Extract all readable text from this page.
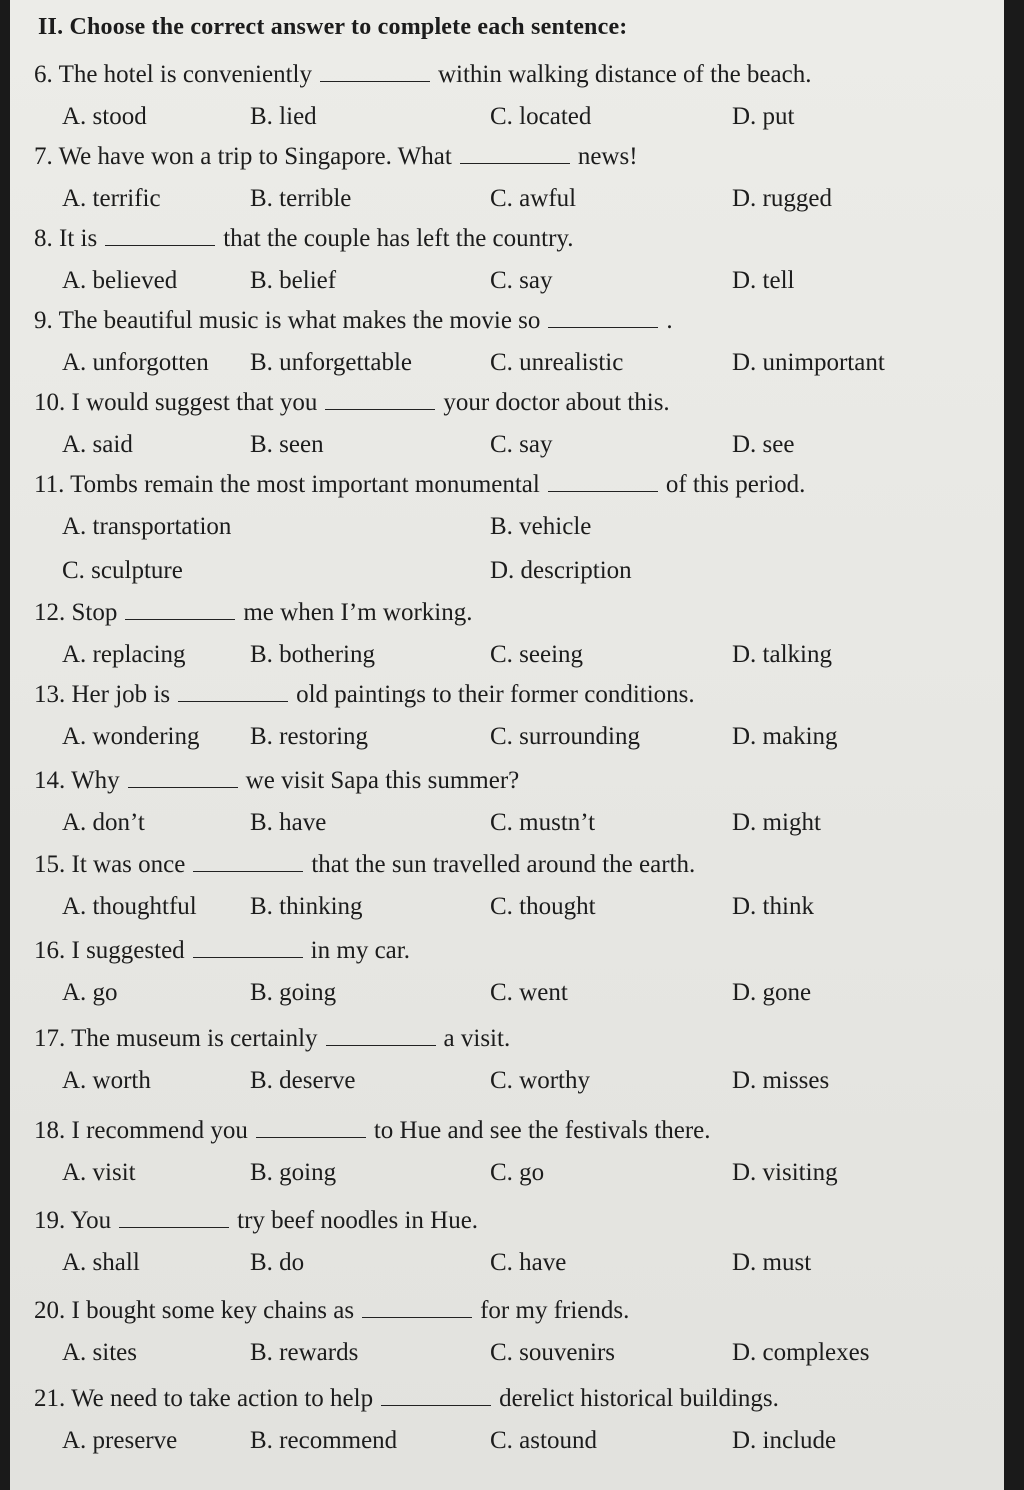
II. Choose the correct answer to complete each sentence:
6. The hotel is conveniently	within walking distance of the beach.
A. stood	B. lied	C. located	D. put
7. We have won a trip to Singapore. What	news!
A. terrific	B. terrible	C. awful	D. rugged
8. It is	that the couple has left the country.
A. believed	B. belief	C. say	D. tell
9. The beautiful music is what makes the movie so	.
A. unforgotten B. unforgettable	C. unrealistic	D. unimportant
10. I would suggest that you	your doctor about this.
A. said	B. seen	C. say	D. see
11. Tombs remain the most important monumental	of this period.
A. transportation	B. vehicle
C. sculpture	D. description
12. Stop	me when I’m working.
A. replacing	B. bothering	C. seeing	D. talking
13. Her job is	old paintings to their former conditions.
A. wondering B. restoring	C. surrounding	D. making
14. Why	we visit Sapa this summer?
A. don’t	B. have	C. mustn’t	D. might
15. It was once	that the sun travelled around the earth.
A. thoughtful B. thinking	C. thought	D. think
16. I suggested	in my car.
A. go	B. going	C. went	D. gone
17. The museum is certainly	a visit.
A. worth	B. deserve	C. worthy	D. misses
18. I recommend you	to Hue and see the festivals there.
A. visit	B. going	C. go	D. visiting
19. You	try beef noodles in Hue.
A. shall	B. do	C. have	D. must
20. I bought some key chains as	for my friends.
A. sites	B. rewards	C. souvenirs	D. complexes
21. We need to take action to help	derelict historical buildings.
A. preserve	B. recommend	C. astound	D. include
